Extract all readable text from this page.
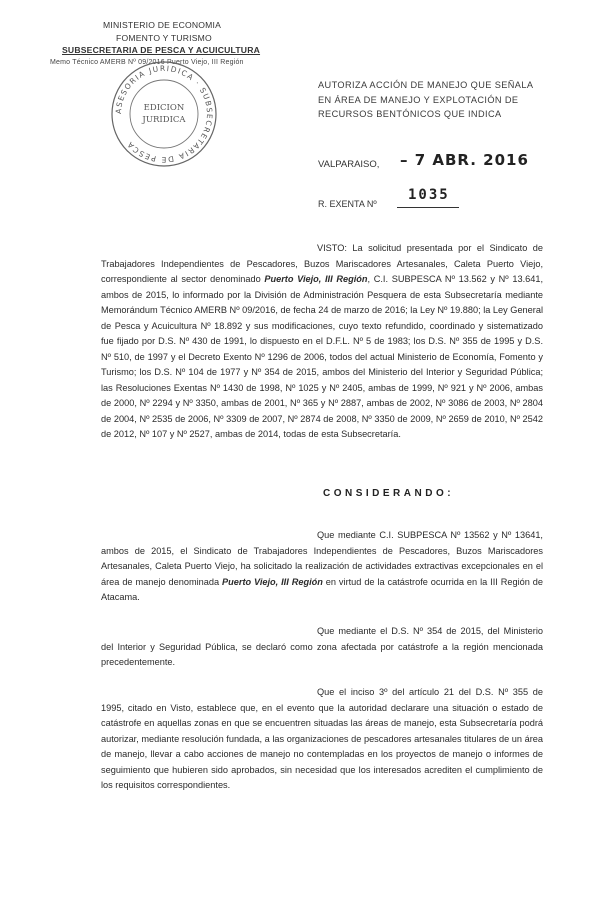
MINISTERIO DE ECONOMIA
FOMENTO Y TURISMO
SUBSECRETARIA DE PESCA Y ACUICULTURA
Memo Técnico AMERB Nº 09/2016 Puerto Viejo, III Región
ASESORIA JURIDICA · SUBSECRETARIA DE PESCA
EDICION
JURIDICA
AUTORIZA ACCIÓN DE MANEJO QUE SEÑALA EN ÁREA DE MANEJO Y EXPLOTACIÓN DE RECURSOS BENTÓNICOS QUE INDICA
VALPARAISO, – 7 ABR. 2016
R. EXENTA Nº
1035
VISTO: La solicitud presentada por el Sindicato de Trabajadores Independientes de Pescadores, Buzos Mariscadores Artesanales, Caleta Puerto Viejo, correspondiente al sector denominado Puerto Viejo, III Región, C.I. SUBPESCA Nº 13.562 y Nº 13.641, ambos de 2015, lo informado por la División de Administración Pesquera de esta Subsecretaría mediante Memorándum Técnico AMERB Nº 09/2016, de fecha 24 de marzo de 2016; la Ley Nº 19.880; la Ley General de Pesca y Acuicultura Nº 18.892 y sus modificaciones, cuyo texto refundido, coordinado y sistematizado fue fijado por D.S. Nº 430 de 1991, lo dispuesto en el D.F.L. Nº 5 de 1983; los D.S. Nº 355 de 1995 y D.S. Nº 510, de 1997 y el Decreto Exento Nº 1296 de 2006, todos del actual Ministerio de Economía, Fomento y Turismo; los D.S. Nº 104 de 1977 y Nº 354 de 2015, ambos del Ministerio del Interior y Seguridad Pública; las Resoluciones Exentas Nº 1430 de 1998, Nº 1025 y Nº 2405, ambas de 1999, Nº 921 y Nº 2006, ambas de 2000, Nº 2294 y Nº 3350, ambas de 2001, Nº 365 y Nº 2887, ambas de 2002, Nº 3086 de 2003, Nº 2804 de 2004, Nº 2535 de 2006, Nº 3309 de 2007, Nº 2874 de 2008, Nº 3350 de 2009, Nº 2659 de 2010, Nº 2542 de 2012, Nº 107 y Nº 2527, ambas de 2014, todas de esta Subsecretaría.
CONSIDERANDO:
Que mediante C.I. SUBPESCA Nº 13562 y Nº 13641, ambos de 2015, el Sindicato de Trabajadores Independientes de Pescadores, Buzos Mariscadores Artesanales, Caleta Puerto Viejo, ha solicitado la realización de actividades extractivas excepcionales en el área de manejo denominada Puerto Viejo, III Región en virtud de la catástrofe ocurrida en la III Región de Atacama.
Que mediante el D.S. Nº 354 de 2015, del Ministerio del Interior y Seguridad Pública, se declaró como zona afectada por catástrofe a la región mencionada precedentemente.
Que el inciso 3º del artículo 21 del D.S. Nº 355 de 1995, citado en Visto, establece que, en el evento que la autoridad declarare una situación o estado de catástrofe en aquellas zonas en que se encuentren situadas las áreas de manejo, esta Subsecretaría podrá autorizar, mediante resolución fundada, a las organizaciones de pescadores artesanales titulares de un área de manejo, llevar a cabo acciones de manejo no contempladas en los proyectos de manejo o informes de seguimiento que hubieren sido aprobados, sin necesidad que los interesados acrediten el cumplimiento de los requisitos correspondientes.
